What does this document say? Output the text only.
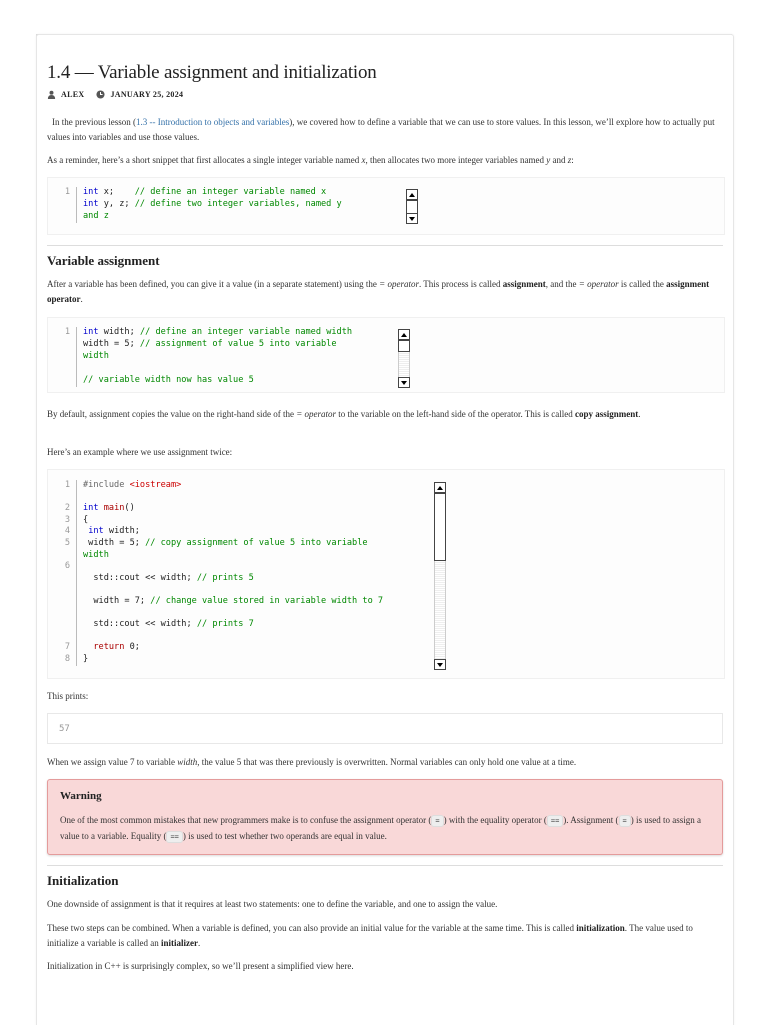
1.4 — Variable assignment and initialization
ALEX	JANUARY 25, 2024

In the previous lesson (1.3 -- Introduction to objects and variables), we covered how to define a variable that we can use to store values. In this lesson, we’ll explore how to actually put values into variables and use those values.

As a reminder, here’s a short snippet that first allocates a single integer variable named x, then allocates two more integer variables named y and z:

1 int x;    // define an integer variable named x
int y, z; // define two integer variables, named y
and z
Variable assignment

After a variable has been defined, you can give it a value (in a separate statement) using the = operator. This process is called assignment, and the = operator is called the assignment operator.

1 int width; // define an integer variable named width
width = 5; // assignment of value 5 into variable
width
// variable width now has value 5

By default, assignment copies the value on the right-hand side of the = operator to the variable on the left-hand side of the operator. This is called copy assignment.

Here’s an example where we use assignment twice:

1
2
3
4
5
6
7
8
#include <iostream>
int main()
{
int width;
width = 5; // copy assignment of value 5 into variable
width
std::cout << width; // prints 5
width = 7; // change value stored in variable width to 7
std::cout << width; // prints 7
return 0;
}

This prints:

57

When we assign value 7 to variable width, the value 5 that was there previously is overwritten. Normal variables can only hold one value at a time.

Warning

One of the most common mistakes that new programmers make is to confuse the assignment operator ( = ) with the equality operator ( == ). Assignment ( = ) is used to assign a value to a variable. Equality ( == ) is used to test whether two operands are equal in value.

Initialization

One downside of assignment is that it requires at least two statements: one to define the variable, and one to assign the value.

These two steps can be combined. When a variable is defined, you can also provide an initial value for the variable at the same time. This is called initialization. The value used to initialize a variable is called an initializer.

Initialization in C++ is surprisingly complex, so we’ll present a simplified view here.
